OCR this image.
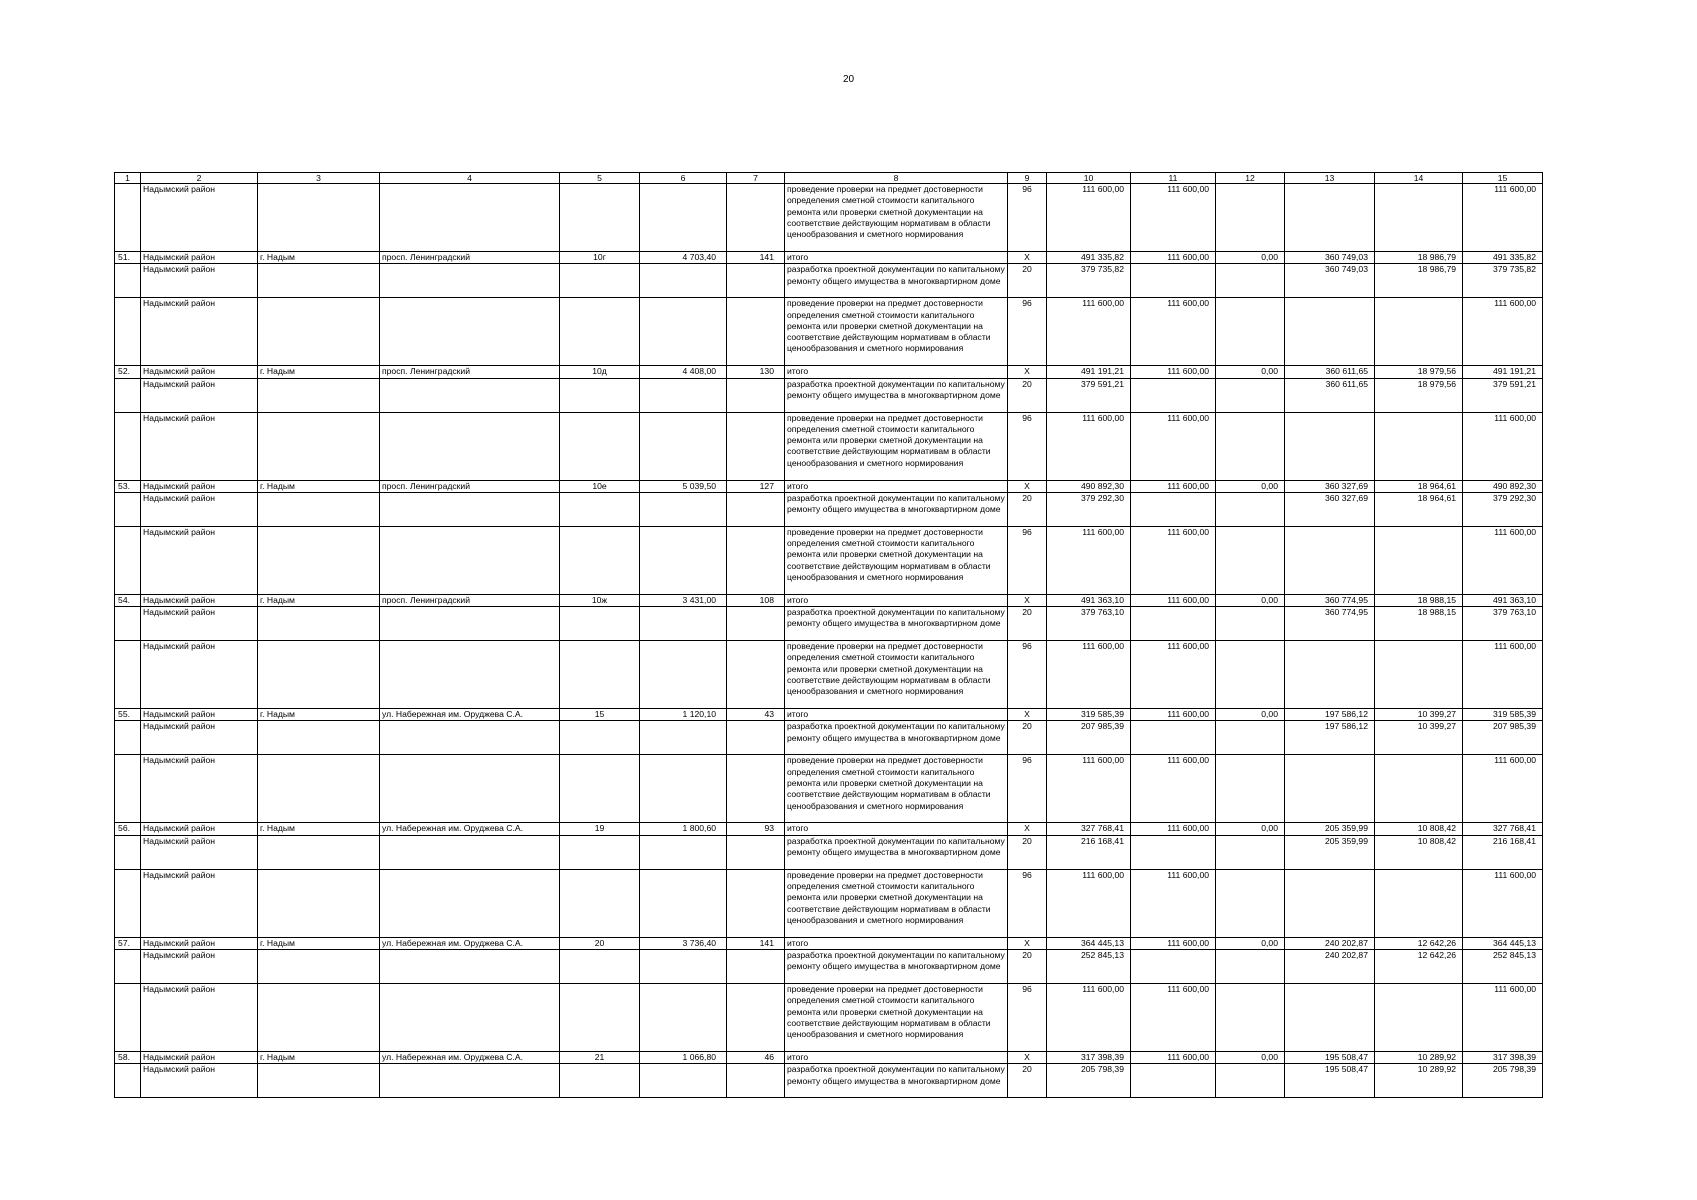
20
1	2	3	4	5	6	7	8	9	10	11	12	13	14	15
	Надымский район						проведение проверки на предмет достоверности определения сметной стоимости капитального ремонта или проверки сметной документации на соответствие действующим нормативам в области ценообразования и сметного нормирования	96	111 600,00	111 600,00				111 600,00
51.	Надымский район	г. Надым	просп. Ленинградский	10г	4 703,40	141	итого	X	491 335,82	111 600,00	0,00	360 749,03	18 986,79	491 335,82
	Надымский район						разработка проектной документации по капитальному ремонту общего имущества в многоквартирном доме	20	379 735,82			360 749,03	18 986,79	379 735,82
	Надымский район						проведение проверки на предмет достоверности определения сметной стоимости капитального ремонта или проверки сметной документации на соответствие действующим нормативам в области ценообразования и сметного нормирования	96	111 600,00	111 600,00				111 600,00
52.	Надымский район	г. Надым	просп. Ленинградский	10д	4 408,00	130	итого	X	491 191,21	111 600,00	0,00	360 611,65	18 979,56	491 191,21
	Надымский район						разработка проектной документации по капитальному ремонту общего имущества в многоквартирном доме	20	379 591,21			360 611,65	18 979,56	379 591,21
	Надымский район						проведение проверки на предмет достоверности определения сметной стоимости капитального ремонта или проверки сметной документации на соответствие действующим нормативам в области ценообразования и сметного нормирования	96	111 600,00	111 600,00				111 600,00
53.	Надымский район	г. Надым	просп. Ленинградский	10е	5 039,50	127	итого	X	490 892,30	111 600,00	0,00	360 327,69	18 964,61	490 892,30
	Надымский район						разработка проектной документации по капитальному ремонту общего имущества в многоквартирном доме	20	379 292,30			360 327,69	18 964,61	379 292,30
	Надымский район						проведение проверки на предмет достоверности определения сметной стоимости капитального ремонта или проверки сметной документации на соответствие действующим нормативам в области ценообразования и сметного нормирования	96	111 600,00	111 600,00				111 600,00
54.	Надымский район	г. Надым	просп. Ленинградский	10ж	3 431,00	108	итого	X	491 363,10	111 600,00	0,00	360 774,95	18 988,15	491 363,10
	Надымский район						разработка проектной документации по капитальному ремонту общего имущества в многоквартирном доме	20	379 763,10			360 774,95	18 988,15	379 763,10
	Надымский район						проведение проверки на предмет достоверности определения сметной стоимости капитального ремонта или проверки сметной документации на соответствие действующим нормативам в области ценообразования и сметного нормирования	96	111 600,00	111 600,00				111 600,00
55.	Надымский район	г. Надым	ул. Набережная им. Оруджева С.А.	15	1 120,10	43	итого	X	319 585,39	111 600,00	0,00	197 586,12	10 399,27	319 585,39
	Надымский район						разработка проектной документации по капитальному ремонту общего имущества в многоквартирном доме	20	207 985,39			197 586,12	10 399,27	207 985,39
	Надымский район						проведение проверки на предмет достоверности определения сметной стоимости капитального ремонта или проверки сметной документации на соответствие действующим нормативам в области ценообразования и сметного нормирования	96	111 600,00	111 600,00				111 600,00
56.	Надымский район	г. Надым	ул. Набережная им. Оруджева С.А.	19	1 800,60	93	итого	X	327 768,41	111 600,00	0,00	205 359,99	10 808,42	327 768,41
	Надымский район						разработка проектной документации по капитальному ремонту общего имущества в многоквартирном доме	20	216 168,41			205 359,99	10 808,42	216 168,41
	Надымский район						проведение проверки на предмет достоверности определения сметной стоимости капитального ремонта или проверки сметной документации на соответствие действующим нормативам в области ценообразования и сметного нормирования	96	111 600,00	111 600,00				111 600,00
57.	Надымский район	г. Надым	ул. Набережная им. Оруджева С.А.	20	3 736,40	141	итого	X	364 445,13	111 600,00	0,00	240 202,87	12 642,26	364 445,13
	Надымский район						разработка проектной документации по капитальному ремонту общего имущества в многоквартирном доме	20	252 845,13			240 202,87	12 642,26	252 845,13
	Надымский район						проведение проверки на предмет достоверности определения сметной стоимости капитального ремонта или проверки сметной документации на соответствие действующим нормативам в области ценообразования и сметного нормирования	96	111 600,00	111 600,00				111 600,00
58.	Надымский район	г. Надым	ул. Набережная им. Оруджева С.А.	21	1 066,80	46	итого	X	317 398,39	111 600,00	0,00	195 508,47	10 289,92	317 398,39
	Надымский район						разработка проектной документации по капитальному ремонту общего имущества в многоквартирном доме	20	205 798,39			195 508,47	10 289,92	205 798,39
